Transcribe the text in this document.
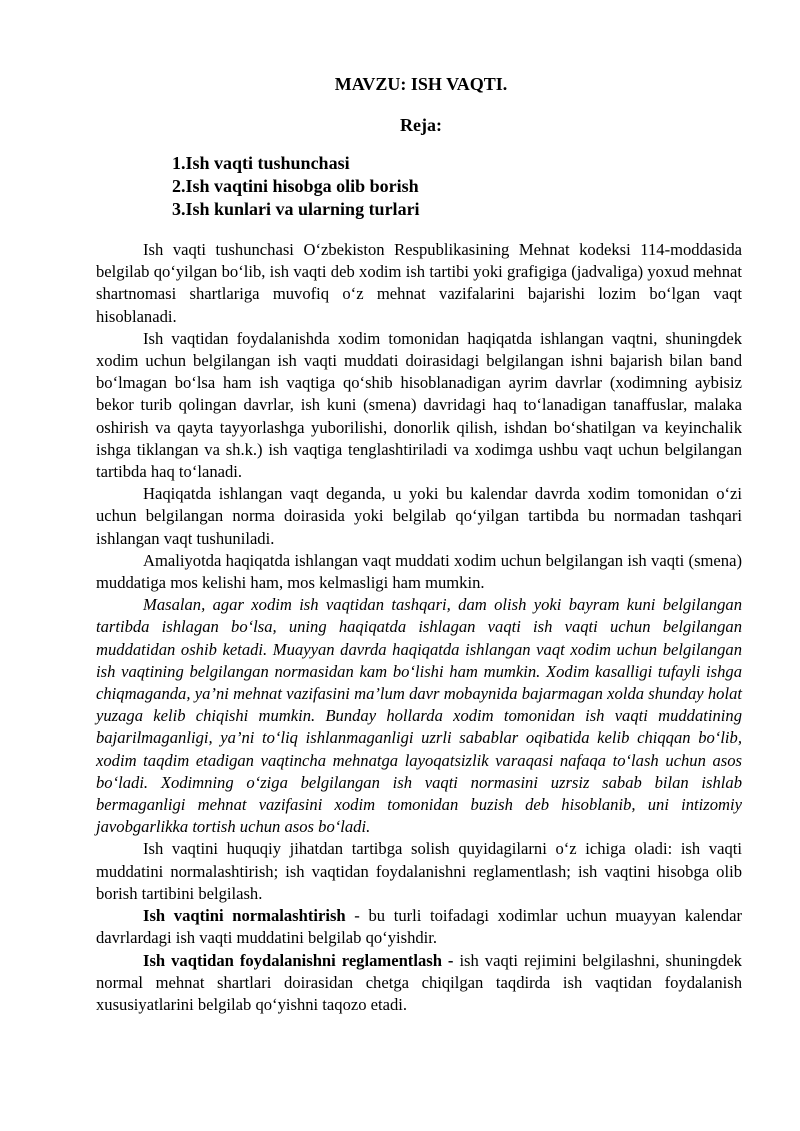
MAVZU: ISH VAQTI.
Reja:
1.Ish vaqti tushunchasi
2.Ish vaqtini hisobga olib borish
3.Ish kunlari va ularning turlari

Ish vaqti tushunchasi O‘zbekiston Respublikasining Mehnat kodeksi 114-moddasida belgilab qo‘yilgan bo‘lib, ish vaqti deb xodim ish tartibi yoki grafigiga (jadvaliga) yoxud mehnat shartnomasi shartlariga muvofiq o‘z mehnat vazifalarini bajarishi lozim bo‘lgan vaqt hisoblanadi.

Ish vaqtidan foydalanishda xodim tomonidan haqiqatda ishlangan vaqtni, shuningdek xodim uchun belgilangan ish vaqti muddati doirasidagi belgilangan ishni bajarish bilan band bo‘lmagan bo‘lsa ham ish vaqtiga qo‘shib hisoblanadigan ayrim davrlar (xodimning aybisiz bekor turib qolingan davrlar, ish kuni (smena) davridagi haq to‘lanadigan tanaffuslar, malaka oshirish va qayta tayyorlashga yuborilishi, donorlik qilish, ishdan bo‘shatilgan va keyinchalik ishga tiklangan va sh.k.) ish vaqtiga tenglashtiriladi va xodimga ushbu vaqt uchun belgilangan tartibda haq to‘lanadi.

Haqiqatda ishlangan vaqt deganda, u yoki bu kalendar davrda xodim tomonidan o‘zi uchun belgilangan norma doirasida yoki belgilab qo‘yilgan tartibda bu normadan tashqari ishlangan vaqt tushuniladi.

Amaliyotda haqiqatda ishlangan vaqt muddati xodim uchun belgilangan ish vaqti (smena) muddatiga mos kelishi ham, mos kelmasligi ham mumkin.

Masalan, agar xodim ish vaqtidan tashqari, dam olish yoki bayram kuni belgilangan tartibda ishlagan bo‘lsa, uning haqiqatda ishlagan vaqti ish vaqti uchun belgilangan muddatidan oshib ketadi. Muayyan davrda haqiqatda ishlangan vaqt xodim uchun belgilangan ish vaqtining belgilangan normasidan kam bo‘lishi ham mumkin. Xodim kasalligi tufayli ishga chiqmaganda, ya’ni mehnat vazifasini ma’lum davr mobaynida bajarmagan xolda shunday holat yuzaga kelib chiqishi mumkin. Bunday hollarda xodim tomonidan ish vaqti muddatining bajarilmaganligi, ya’ni to‘liq ishlanmaganligi uzrli sabablar oqibatida kelib chiqqan bo‘lib, xodim taqdim etadigan vaqtincha mehnatga layoqatsizlik varaqasi nafaqa to‘lash uchun asos bo‘ladi. Xodimning o‘ziga belgilangan ish vaqti normasini uzrsiz sabab bilan ishlab bermaganligi mehnat vazifasini xodim tomonidan buzish deb hisoblanib, uni intizomiy javobgarlikka tortish uchun asos bo‘ladi.

Ish vaqtini huquqiy jihatdan tartibga solish quyidagilarni o‘z ichiga oladi: ish vaqti muddatini normalashtirish; ish vaqtidan foydalanishni reglamentlash; ish vaqtini hisobga olib borish tartibini belgilash.

Ish vaqtini normalashtirish - bu turli toifadagi xodimlar uchun muayyan kalendar davrlardagi ish vaqti muddatini belgilab qo‘yishdir.

Ish vaqtidan foydalanishni reglamentlash - ish vaqti rejimini belgilashni, shuningdek normal mehnat shartlari doirasidan chetga chiqilgan taqdirda ish vaqtidan foydalanish xususiyatlarini belgilab qo‘yishni taqozo etadi.
